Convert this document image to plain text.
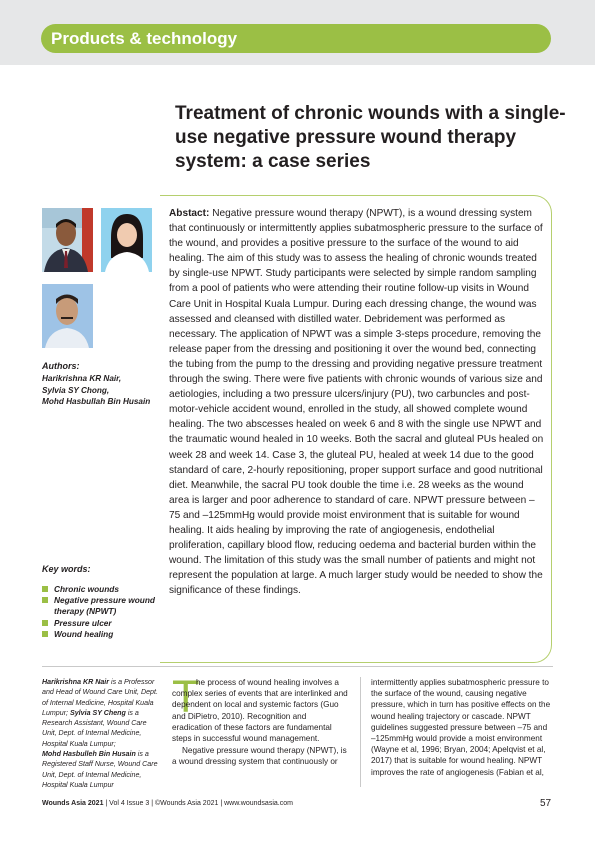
Products & technology
Treatment of chronic wounds with a single-use negative pressure wound therapy system: a case series

Abstact: Negative pressure wound therapy (NPWT), is a wound dressing system that continuously or intermittently applies subatmospheric pressure to the surface of the wound, and provides a positive pressure to the surface of the wound to aid healing. The aim of this study was to assess the healing of chronic wounds treated by single-use NPWT. Study participants were selected by simple random sampling from a pool of patients who were attending their routine follow-up visits in Wound Care Unit in Hospital Kuala Lumpur. During each dressing change, the wound was assessed and cleansed with distilled water. Debridement was performed as necessary. The application of NPWT was a simple 3-steps procedure, removing the release paper from the dressing and positioning it over the wound bed, connecting the tubing from the pump to the dressing and providing negative pressure treatment through the swing. There were five patients with chronic wounds of various size and aetiologies, including a two pressure ulcers/injury (PU), two carbuncles and post-motor-vehicle accident wound, enrolled in the study, all showed complete wound healing. The two abscesses healed on week 6 and 8 with the single use NPWT and the traumatic wound healed in 10 weeks. Both the sacral and gluteal PUs healed on week 28 and week 14. Case 3, the gluteal PU, healed at week 14 due to the good standard of care, 2-hourly repositioning, proper support surface and good nutritional diet. Meanwhile, the sacral PU took double the time i.e. 28 weeks as the wound area is larger and poor adherence to standard of care. NPWT pressure between –75 and –125mmHg would provide moist environment that is suitable for wound healing. It aids healing by improving the rate of angiogenesis, endothelial proliferation, capillary blood flow, reducing oedema and bacterial burden within the wound. The limitation of this study was the small number of patients and might not represent the population at large. A much larger study would be needed to show the significance of these findings.

Authors:
Harikrishna KR Nair,
Sylvia SY Chong,
Mohd Hasbullah Bin Husain
Key words:
Chronic wounds
Negative pressure wound therapy (NPWT)
Pressure ulcer
Wound healing

Harikrishna KR Nair is a Professor and Head of Wound Care Unit, Dept. of Internal Medicine, Hospital Kuala Lumpur; Sylvia SY Cheng is a Research Assistant, Wound Care Unit, Dept. of Internal Medicine, Hospital Kuala Lumpur;
Mohd Hasbulleh Bin Husain is a Registered Staff Nurse, Wound Care Unit, Dept. of Internal Medicine, Hospital Kuala Lumpur

T

he process of wound healing involves a complex series of events that are interlinked and dependent on local and systemic factors (Guo and DiPietro, 2010). Recognition and eradication of these factors are fundamental steps in successful wound management.

Negative pressure wound therapy (NPWT), is a wound dressing system that continuously or

intermittently applies subatmospheric pressure to the surface of the wound, causing negative pressure, which in turn has positive effects on the wound healing trajectory or cascade. NPWT guidelines suggested pressure between –75 and –125mmHg would provide a moist environment (Wayne et al, 1996; Bryan, 2004; Apelqvist et al, 2017) that is suitable for wound healing. NPWT improves the rate of angiogenesis (Fabian et al,

Wounds Asia 2021 | Vol 4 Issue 3 | ©Wounds Asia 2021 | www.woundsasia.com	57
